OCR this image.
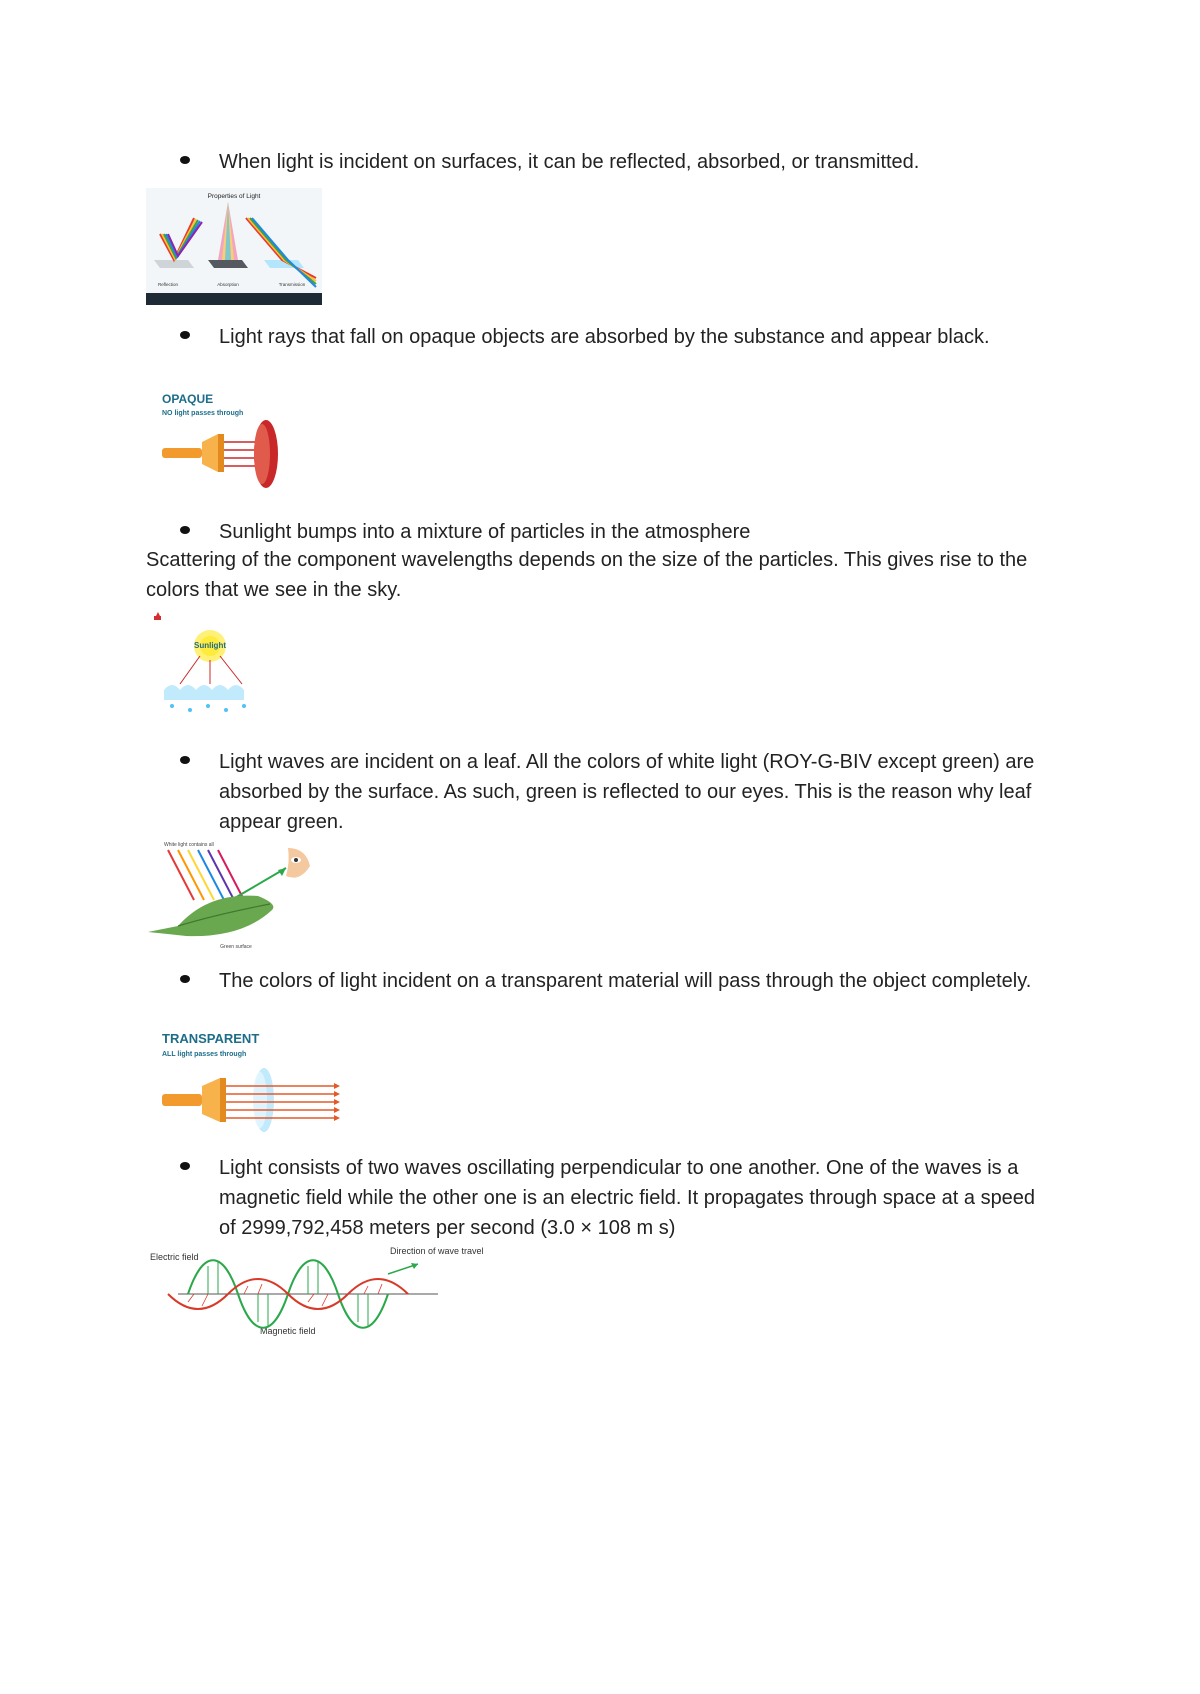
When light is incident on surfaces, it can be reflected, absorbed, or transmitted.
Properties of Light
Reflection	Absorption	Transmission
Light rays that fall on opaque objects are absorbed by the substance and appear black.
OPAQUE
NO light passes through
Sunlight bumps into a mixture of particles in the atmosphere
Scattering of the component wavelengths depends on the size of the particles. This gives rise to the colors that we see in the sky.
Sunlight
Light waves are incident on a leaf. All the colors of white light (ROY-G-BIV except green) are absorbed by the surface. As such, green is reflected to our eyes. This is the reason why leaf appear green.
White light contains all
Green surface
The colors of light incident on a transparent material will pass through the object completely.
TRANSPARENT
ALL light passes through
Light consists of two waves oscillating perpendicular to one another. One of the waves is a magnetic field while the other one is an electric field. It propagates through space at a speed of 2999,792,458 meters per second (3.0 × 108 m s)
Electric field
Direction of wave travel
Magnetic field
